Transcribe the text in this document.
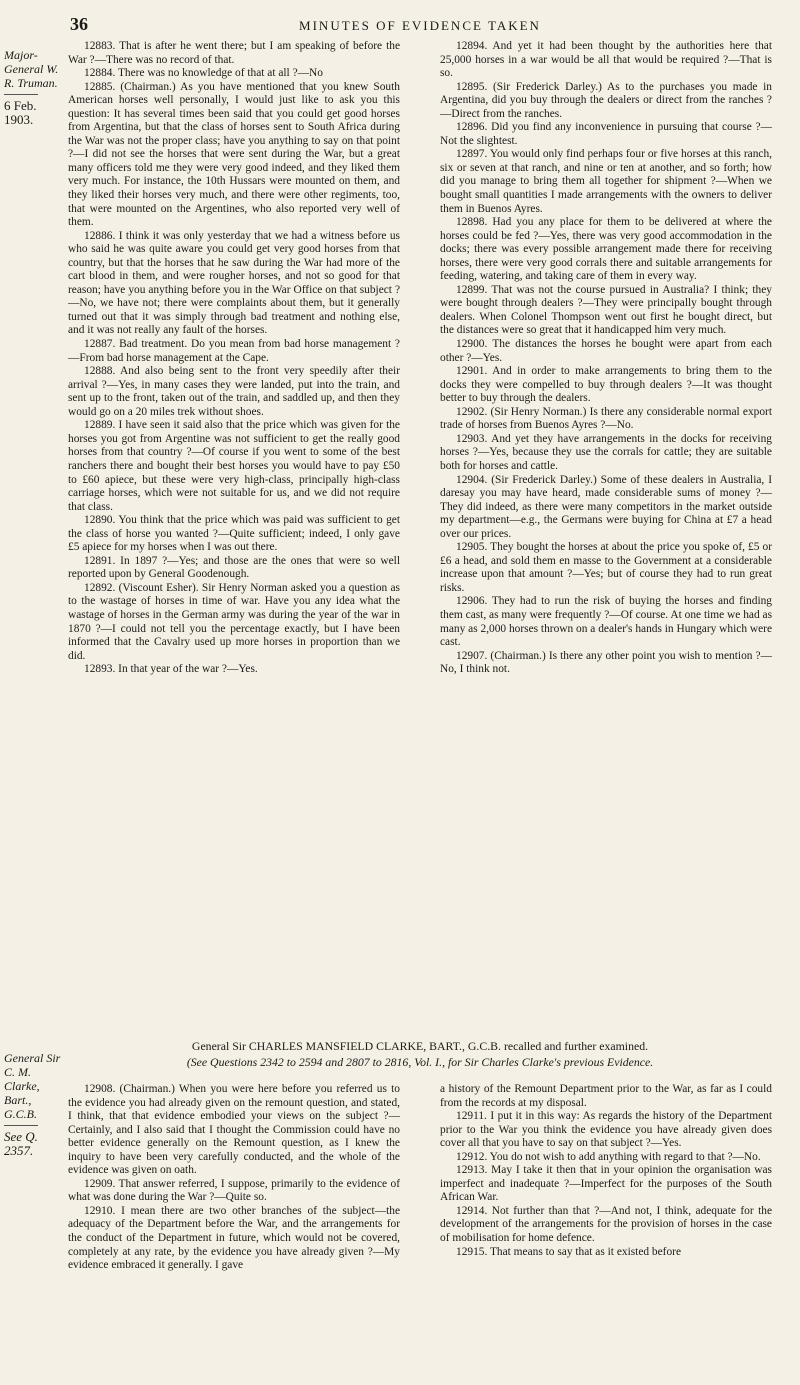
36	MINUTES OF EVIDENCE TAKEN
Major-General W. R. Truman.
6 Feb. 1903.

12883. That is after he went there; but I am speaking of before the War ?—There was no record of that.

12884. There was no knowledge of that at all ?—No

12885. (Chairman.) As you have mentioned that you knew South American horses well personally, I would just like to ask you this question: It has several times been said that you could get good horses from Argentina, but that the class of horses sent to South Africa during the War was not the proper class; have you anything to say on that point ?—I did not see the horses that were sent during the War, but a great many officers told me they were very good indeed, and they liked them very much. For instance, the 10th Hussars were mounted on them, and they liked their horses very much, and there were other regiments, too, that were mounted on the Argentines, who also reported very well of them.

12886. I think it was only yesterday that we had a witness before us who said he was quite aware you could get very good horses from that country, but that the horses that he saw during the War had more of the cart blood in them, and were rougher horses, and not so good for that reason; have you anything before you in the War Office on that subject ?—No, we have not; there were complaints about them, but it generally turned out that it was simply through bad treatment and nothing else, and it was not really any fault of the horses.

12887. Bad treatment. Do you mean from bad horse management ?—From bad horse management at the Cape.

12888. And also being sent to the front very speedily after their arrival ?—Yes, in many cases they were landed, put into the train, and sent up to the front, taken out of the train, and saddled up, and then they would go on a 20 miles trek without shoes.

12889. I have seen it said also that the price which was given for the horses you got from Argentine was not sufficient to get the really good horses from that country ?—Of course if you went to some of the best ranchers there and bought their best horses you would have to pay £50 to £60 apiece, but these were very high-class, principally high-class carriage horses, which were not suitable for us, and we did not require that class.

12890. You think that the price which was paid was sufficient to get the class of horse you wanted ?—Quite sufficient; indeed, I only gave £5 apiece for my horses when I was out there.

12891. In 1897 ?—Yes; and those are the ones that were so well reported upon by General Goodenough.

12892. (Viscount Esher). Sir Henry Norman asked you a question as to the wastage of horses in time of war. Have you any idea what the wastage of horses in the German army was during the year of the war in 1870 ?—I could not tell you the percentage exactly, but I have been informed that the Cavalry used up more horses in proportion than we did.

12893. In that year of the war ?—Yes.

12894. And yet it had been thought by the authorities here that 25,000 horses in a war would be all that would be required ?—That is so.

12895. (Sir Frederick Darley.) As to the purchases you made in Argentina, did you buy through the dealers or direct from the ranches ?—Direct from the ranches.

12896. Did you find any inconvenience in pursuing that course ?—Not the slightest.

12897. You would only find perhaps four or five horses at this ranch, six or seven at that ranch, and nine or ten at another, and so forth; how did you manage to bring them all together for shipment ?—When we bought small quantities I made arrangements with the owners to deliver them in Buenos Ayres.

12898. Had you any place for them to be delivered at where the horses could be fed ?—Yes, there was very good accommodation in the docks; there was every possible arrangement made there for receiving horses, there were very good corrals there and suitable arrangements for feeding, watering, and taking care of them in every way.

12899. That was not the course pursued in Australia? I think; they were bought through dealers ?—They were principally bought through dealers. When Colonel Thompson went out first he bought direct, but the distances were so great that it handicapped him very much.

12900. The distances the horses he bought were apart from each other ?—Yes.

12901. And in order to make arrangements to bring them to the docks they were compelled to buy through dealers ?—It was thought better to buy through the dealers.

12902. (Sir Henry Norman.) Is there any considerable normal export trade of horses from Buenos Ayres ?—No.

12903. And yet they have arrangements in the docks for receiving horses ?—Yes, because they use the corrals for cattle; they are suitable both for horses and cattle.

12904. (Sir Frederick Darley.) Some of these dealers in Australia, I daresay you may have heard, made considerable sums of money ?—They did indeed, as there were many competitors in the market outside my department—e.g., the Germans were buying for China at £7 a head over our prices.

12905. They bought the horses at about the price you spoke of, £5 or £6 a head, and sold them en masse to the Government at a considerable increase upon that amount ?—Yes; but of course they had to run great risks.

12906. They had to run the risk of buying the horses and finding them cast, as many were frequently ?—Of course. At one time we had as many as 2,000 horses thrown on a dealer's hands in Hungary which were cast.

12907. (Chairman.) Is there any other point you wish to mention ?—No, I think not.

General Sir CHARLES MANSFIELD CLARKE, BART., G.C.B. recalled and further examined.
(See Questions 2342 to 2594 and 2807 to 2816, Vol. I., for Sir Charles Clarke's previous Evidence.
General Sir C. M. Clarke, Bart., G.C.B.
See Q. 2357.

12908. (Chairman.) When you were here before you referred us to the evidence you had already given on the remount question, and stated, I think, that that evidence embodied your views on the subject ?—Certainly, and I also said that I thought the Commission could have no better evidence generally on the Remount question, as I knew the inquiry to have been very carefully conducted, and the whole of the evidence was given on oath.

12909. That answer referred, I suppose, primarily to the evidence of what was done during the War ?—Quite so.

12910. I mean there are two other branches of the subject—the adequacy of the Department before the War, and the arrangements for the conduct of the Department in future, which would not be covered, completely at any rate, by the evidence you have already given ?—My evidence embraced it generally. I gave

a history of the Remount Department prior to the War, as far as I could from the records at my disposal.

12911. I put it in this way: As regards the history of the Department prior to the War you think the evidence you have already given does cover all that you have to say on that subject ?—Yes.

12912. You do not wish to add anything with regard to that ?—No.

12913. May I take it then that in your opinion the organisation was imperfect and inadequate ?—Imperfect for the purposes of the South African War.

12914. Not further than that ?—And not, I think, adequate for the development of the arrangements for the provision of horses in the case of mobilisation for home defence.

12915. That means to say that as it existed before
